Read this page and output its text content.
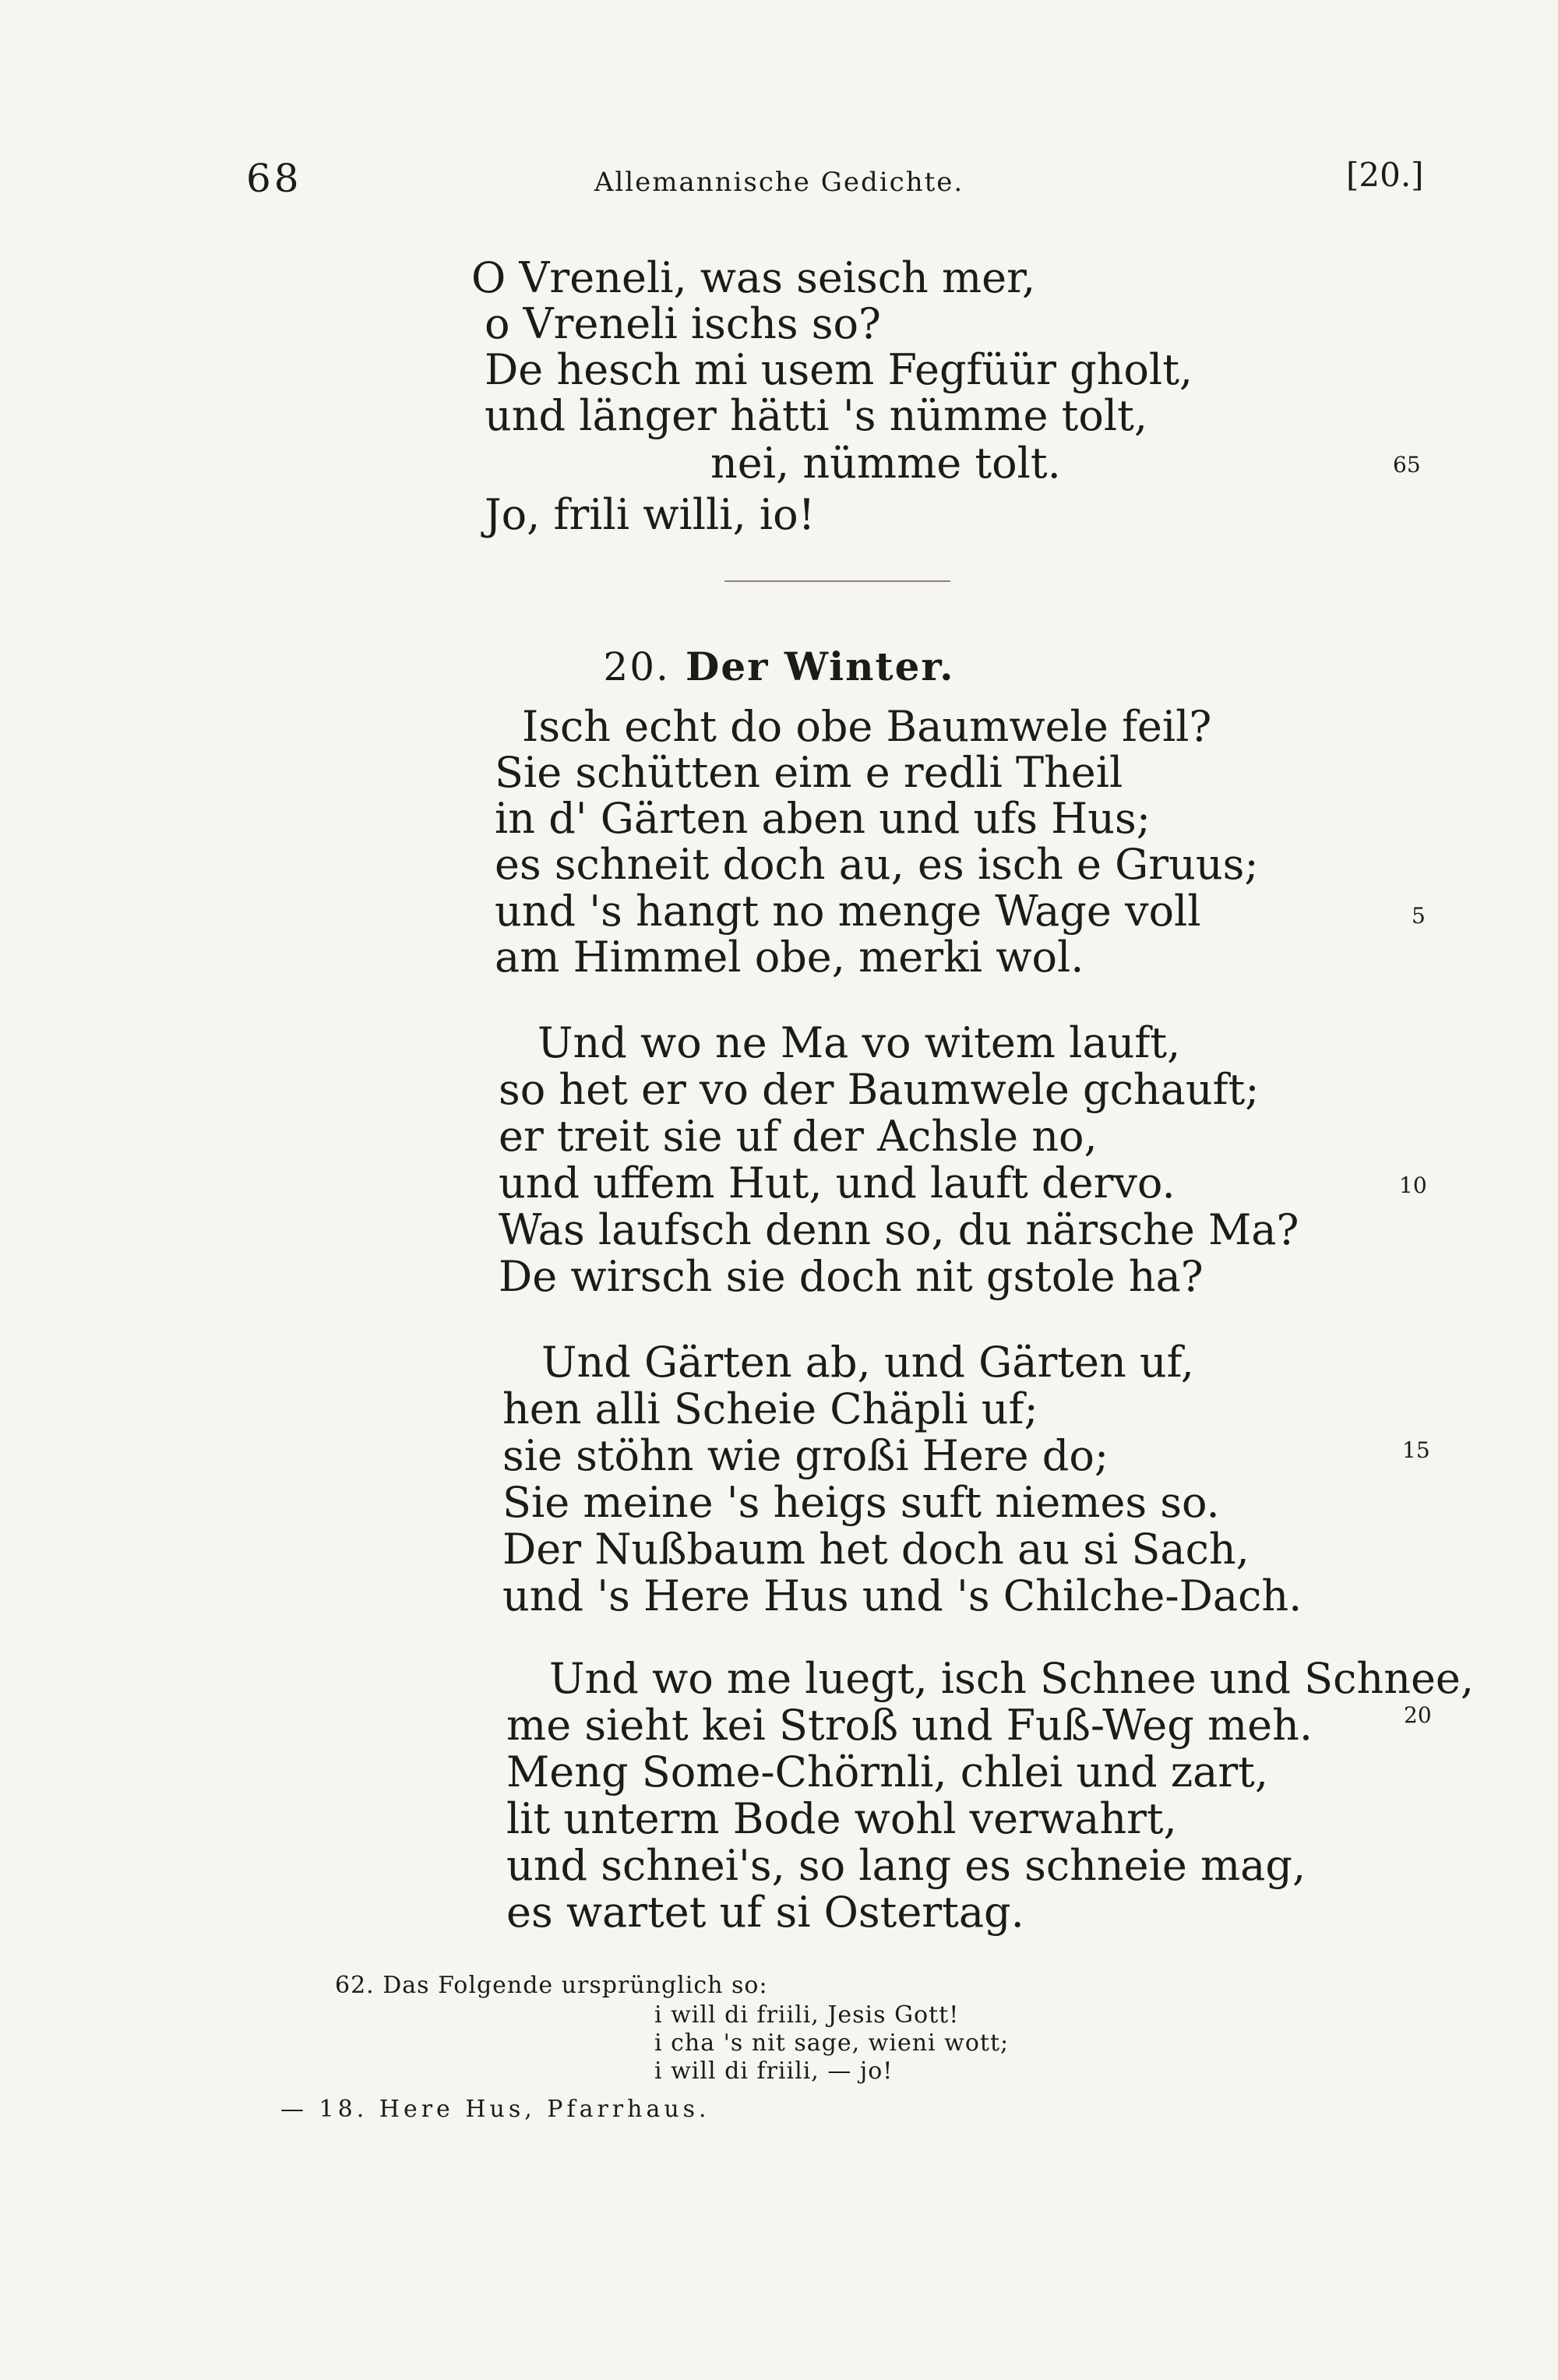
68	Allemannische Gedichte.	[20.]
O Vreneli, was seisch mer,
o Vreneli ischs so?
De hesch mi usem Fegfüür gholt,
und länger hätti 's nümme tolt,
nei, nümme tolt.	65
Jo, frili willi, io!
20. Der Winter.
Isch echt do obe Baumwele feil?
Sie schütten eim e redli Theil
in d' Gärten aben und ufs Hus;
es schneit doch au, es isch e Gruus;
und 's hangt no menge Wage voll	5
am Himmel obe, merki wol.
Und wo ne Ma vo witem lauft,
so het er vo der Baumwele gchauft;
er treit sie uf der Achsle no,
und uffem Hut, und lauft dervo.	10
Was laufsch denn so, du närsche Ma?
De wirsch sie doch nit gstole ha?
Und Gärten ab, und Gärten uf,
hen alli Scheie Chäpli uf;
sie stöhn wie großi Here do;	15
Sie meine 's heigs suft niemes so.
Der Nußbaum het doch au si Sach,
und 's Here Hus und 's Chilche-Dach.
Und wo me luegt, isch Schnee und Schnee,
me sieht kei Stroß und Fuß-Weg meh.	20
Meng Some-Chörnli, chlei und zart,
lit unterm Bode wohl verwahrt,
und schnei's, so lang es schneie mag,
es wartet uf si Ostertag.
62. Das Folgende ursprünglich so:
i will di friili, Jesis Gott!
i cha 's nit sage, wieni wott;
i will di friili, — jo!
— 18. Here Hus, Pfarrhaus.
